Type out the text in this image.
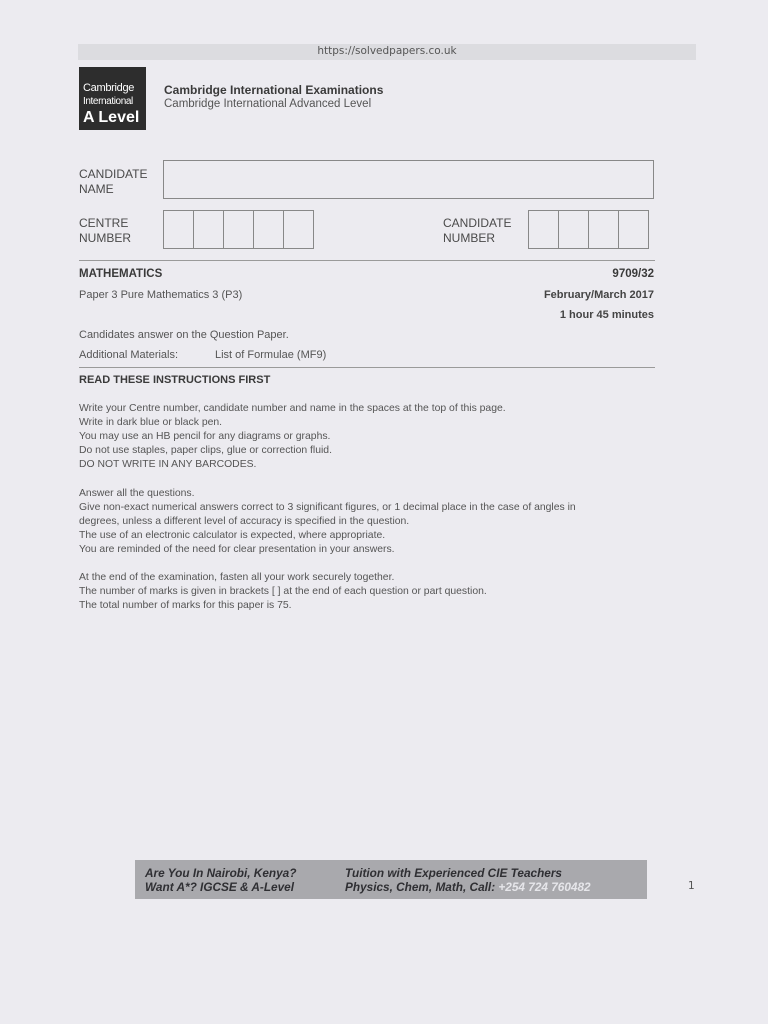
https://solvedpapers.co.uk
Cambridge
International
A Level
Cambridge International Examinations
Cambridge International Advanced Level
CANDIDATE
NAME
CENTRE
NUMBER
CANDIDATE
NUMBER
MATHEMATICS	9709/32
Paper 3 Pure Mathematics 3 (P3)	February/March 2017
1 hour 45 minutes
Candidates answer on the Question Paper.
Additional Materials:	List of Formulae (MF9)
READ THESE INSTRUCTIONS FIRST
Write your Centre number, candidate number and name in the spaces at the top of this page.
Write in dark blue or black pen.
You may use an HB pencil for any diagrams or graphs.
Do not use staples, paper clips, glue or correction fluid.
DO NOT WRITE IN ANY BARCODES.
Answer all the questions.
Give non-exact numerical answers correct to 3 significant figures, or 1 decimal place in the case of angles in
degrees, unless a different level of accuracy is specified in the question.
The use of an electronic calculator is expected, where appropriate.
You are reminded of the need for clear presentation in your answers.
At the end of the examination, fasten all your work securely together.
The number of marks is given in brackets [ ] at the end of each question or part question.
The total number of marks for this paper is 75.
Are You In Nairobi, Kenya?
Want A*? IGCSE & A-Level
Tuition with Experienced CIE Teachers
Physics, Chem, Math, Call: +254 724 760482	1
